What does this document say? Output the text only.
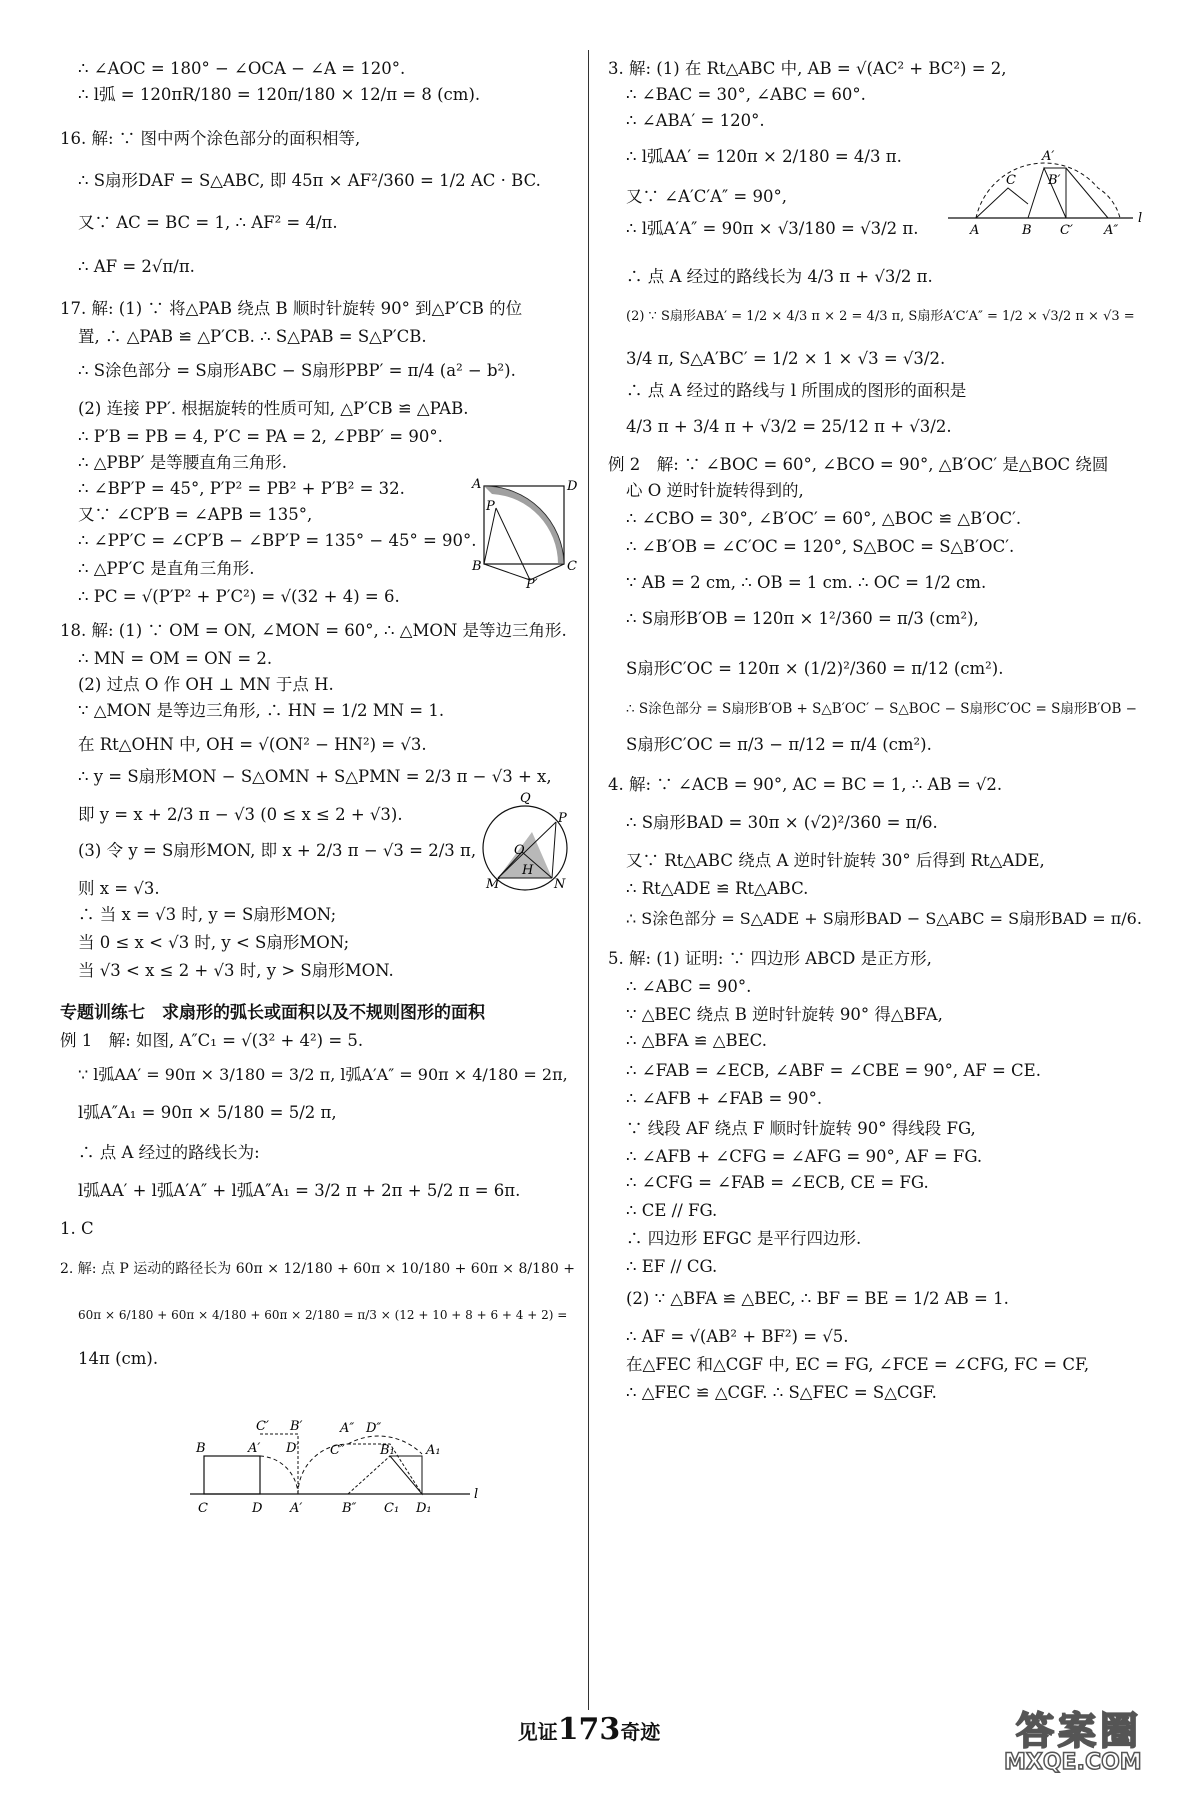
∴ ∠AOC = 180° − ∠OCA − ∠A = 120°.
∴ l弧 = 120πR/180 = 120π/180 × 12/π = 8 (cm).
16. 解: ∵ 图中两个涂色部分的面积相等,
∴ S扇形DAF = S△ABC, 即 45π × AF²/360 = 1/2 AC · BC.
又∵ AC = BC = 1, ∴ AF² = 4/π.
∴ AF = 2√π/π.
17. 解: (1) ∵ 将△PAB 绕点 B 顺时针旋转 90° 到△P′CB 的位
置, ∴ △PAB ≌ △P′CB. ∴ S△PAB = S△P′CB.
∴ S涂色部分 = S扇形ABC − S扇形PBP′ = π/4 (a² − b²).
(2) 连接 PP′. 根据旋转的性质可知, △P′CB ≌ △PAB.
∴ P′B = PB = 4, P′C = PA = 2, ∠PBP′ = 90°.
∴ △PBP′ 是等腰直角三角形.
∴ ∠BP′P = 45°, P′P² = PB² + P′B² = 32.
又∵ ∠CP′B = ∠APB = 135°,
∴ ∠PP′C = ∠CP′B − ∠BP′P = 135° − 45° = 90°.
∴ △PP′C 是直角三角形.
∴ PC = √(P′P² + P′C²) = √(32 + 4) = 6.
18. 解: (1) ∵ OM = ON, ∠MON = 60°, ∴ △MON 是等边三角形.
∴ MN = OM = ON = 2.
(2) 过点 O 作 OH ⊥ MN 于点 H.
∵ △MON 是等边三角形, ∴ HN = 1/2 MN = 1.
在 Rt△OHN 中, OH = √(ON² − HN²) = √3.
∴ y = S扇形MON − S△OMN + S△PMN = 2/3 π − √3 + x,
即 y = x + 2/3 π − √3 (0 ≤ x ≤ 2 + √3).
(3) 令 y = S扇形MON, 即 x + 2/3 π − √3 = 2/3 π,
则 x = √3.
∴ 当 x = √3 时, y = S扇形MON;
当 0 ≤ x < √3 时, y < S扇形MON;
当 √3 < x ≤ 2 + √3 时, y > S扇形MON.
专题训练七　求扇形的弧长或面积以及不规则图形的面积
例 1　解: 如图, A″C₁ = √(3² + 4²) = 5.
∵ l弧AA′ = 90π × 3/180 = 3/2 π, l弧A′A″ = 90π × 4/180 = 2π,
l弧A″A₁ = 90π × 5/180 = 5/2 π,
∴ 点 A 经过的路线长为:
l弧AA′ + l弧A′A″ + l弧A″A₁ = 3/2 π + 2π + 5/2 π = 6π.
1. C
2. 解: 点 P 运动的路径长为 60π × 12/180 + 60π × 10/180 + 60π × 8/180 +
60π × 6/180 + 60π × 4/180 + 60π × 2/180 = π/3 × (12 + 10 + 8 + 6 + 4 + 2) =
14π (cm).
3. 解: (1) 在 Rt△ABC 中, AB = √(AC² + BC²) = 2,
∴ ∠BAC = 30°, ∠ABC = 60°.
∴ ∠ABA′ = 120°.
∴ l弧AA′ = 120π × 2/180 = 4/3 π.
又∵ ∠A′C′A″ = 90°,
∴ l弧A′A″ = 90π × √3/180 = √3/2 π.
∴ 点 A 经过的路线长为 4/3 π + √3/2 π.
(2) ∵ S扇形ABA′ = 1/2 × 4/3 π × 2 = 4/3 π, S扇形A′C′A″ = 1/2 × √3/2 π × √3 =
3/4 π, S△A′BC′ = 1/2 × 1 × √3 = √3/2.
∴ 点 A 经过的路线与 l 所围成的图形的面积是
4/3 π + 3/4 π + √3/2 = 25/12 π + √3/2.
例 2　解: ∵ ∠BOC = 60°, ∠BCO = 90°, △B′OC′ 是△BOC 绕圆
心 O 逆时针旋转得到的,
∴ ∠CBO = 30°, ∠B′OC′ = 60°, △BOC ≌ △B′OC′.
∴ ∠B′OB = ∠C′OC = 120°, S△BOC = S△B′OC′.
∵ AB = 2 cm, ∴ OB = 1 cm. ∴ OC = 1/2 cm.
∴ S扇形B′OB = 120π × 1²/360 = π/3 (cm²),
S扇形C′OC = 120π × (1/2)²/360 = π/12 (cm²).
∴ S涂色部分 = S扇形B′OB + S△B′OC′ − S△BOC − S扇形C′OC = S扇形B′OB −
S扇形C′OC = π/3 − π/12 = π/4 (cm²).
4. 解: ∵ ∠ACB = 90°, AC = BC = 1, ∴ AB = √2.
∴ S扇形BAD = 30π × (√2)²/360 = π/6.
又∵ Rt△ABC 绕点 A 逆时针旋转 30° 后得到 Rt△ADE,
∴ Rt△ADE ≌ Rt△ABC.
∴ S涂色部分 = S△ADE + S扇形BAD − S△ABC = S扇形BAD = π/6.
5. 解: (1) 证明: ∵ 四边形 ABCD 是正方形,
∴ ∠ABC = 90°.
∵ △BEC 绕点 B 逆时针旋转 90° 得△BFA,
∴ △BFA ≌ △BEC.
∴ ∠FAB = ∠ECB, ∠ABF = ∠CBE = 90°, AF = CE.
∴ ∠AFB + ∠FAB = 90°.
∵ 线段 AF 绕点 F 顺时针旋转 90° 得线段 FG,
∴ ∠AFB + ∠CFG = ∠AFG = 90°, AF = FG.
∴ ∠CFG = ∠FAB = ∠ECB, CE = FG.
∴ CE // FG.
∴ 四边形 EFGC 是平行四边形.
∴ EF // CG.
(2) ∵ △BFA ≌ △BEC, ∴ BF = BE = 1/2 AB = 1.
∴ AF = √(AB² + BF²) = √5.
在△FEC 和△CGF 中, EC = FG, ∠FCE = ∠CFG, FC = CF,
∴ △FEC ≌ △CGF. ∴ S△FEC = S△CGF.
A	D
P
B	C
P′
Q
P
O
H
M	N
A′
C B′
A	B C′ A″
l
C′ B′	A″ D″
B	A′ D′ C″	B₁ A₁
C	D A′	B″ C₁ D₁
l
见证173奇迹	答案圈
MXQE.COM
